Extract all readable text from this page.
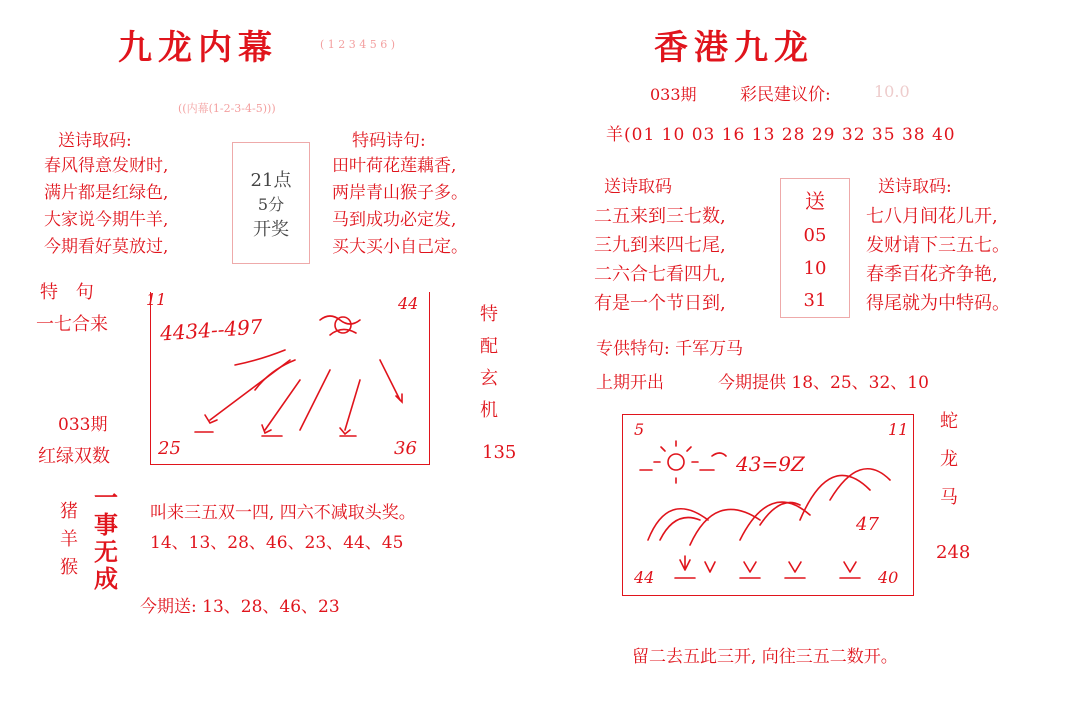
九龙内幕	( 1 2 3 4 5 6 )
((内幕(1-2-3-4-5)))
送诗取码:
春风得意发财时,
满片都是红绿色,
大家说今期牛羊,
今期看好莫放过,
21点
5分
开奖
特码诗句:
田叶荷花莲藕香,
两岸青山猴子多。
马到成功必定发,
买大买小自己定。
特 句
一七合来
033期
红绿双数
11	44
25	36
4434--497	特
配
玄
机
135
猪
羊
猴
一
事
无
成
叫来三五双一四, 四六不减取头奖。
14、13、28、46、23、44、45
今期送: 13、28、46、23
香港九龙
033期	彩民建议价:	10.0
羊(01 10 03 16 13 28 29 32 35 38 40
送诗取码
二五来到三七数,
三九到来四七尾,
二六合七看四九,
有是一个节日到,
送
05
10
31
送诗取码:
七八月间花儿开,
发财请下三五七。
春季百花齐争艳,
得尾就为中特码。
专供特句: 千军万马
上期开出	今期提供 18、25、32、10
5	11
44	40
43=9Z
47
蛇
龙
马
248
留二去五此三开, 向往三五二数开。
